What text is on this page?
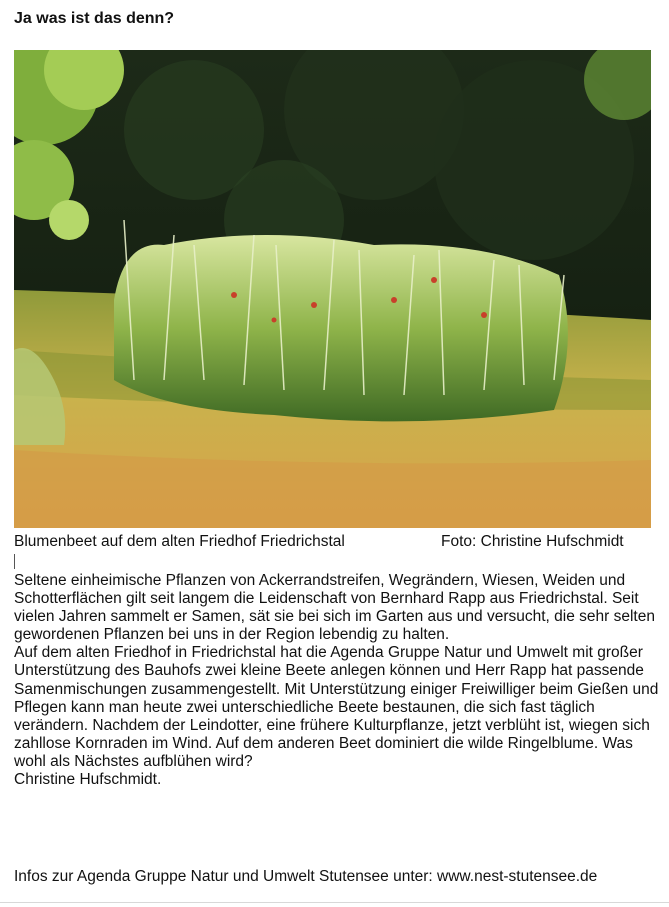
Ja was ist das denn?
Blumenbeet auf dem alten Friedhof Friedrichstal	Foto: Christine Hufschmidt

Seltene einheimische Pflanzen von Ackerrandstreifen, Wegrändern, Wiesen, Weiden und Schotterflächen gilt seit langem die Leidenschaft von Bernhard Rapp aus Friedrichstal. Seit vielen Jahren sammelt er Samen, sät sie bei sich im Garten aus und versucht, die sehr selten gewordenen Pflanzen bei uns in der Region lebendig zu halten.

Auf dem alten Friedhof in Friedrichstal hat die Agenda Gruppe Natur und Umwelt mit großer Unterstützung des Bauhofs zwei kleine Beete anlegen können und Herr Rapp hat passende Samenmischungen zusammengestellt. Mit Unterstützung einiger Freiwilliger beim Gießen und Pflegen kann man heute zwei unterschiedliche Beete bestaunen, die sich fast täglich verändern. Nachdem der Leindotter, eine frühere Kulturpflanze, jetzt verblüht ist, wiegen sich zahllose Kornraden im Wind. Auf dem anderen Beet dominiert die wilde Ringelblume. Was wohl als Nächstes aufblühen wird?

Christine Hufschmidt.

Infos zur Agenda Gruppe Natur und Umwelt Stutensee unter: www.nest-stutensee.de
